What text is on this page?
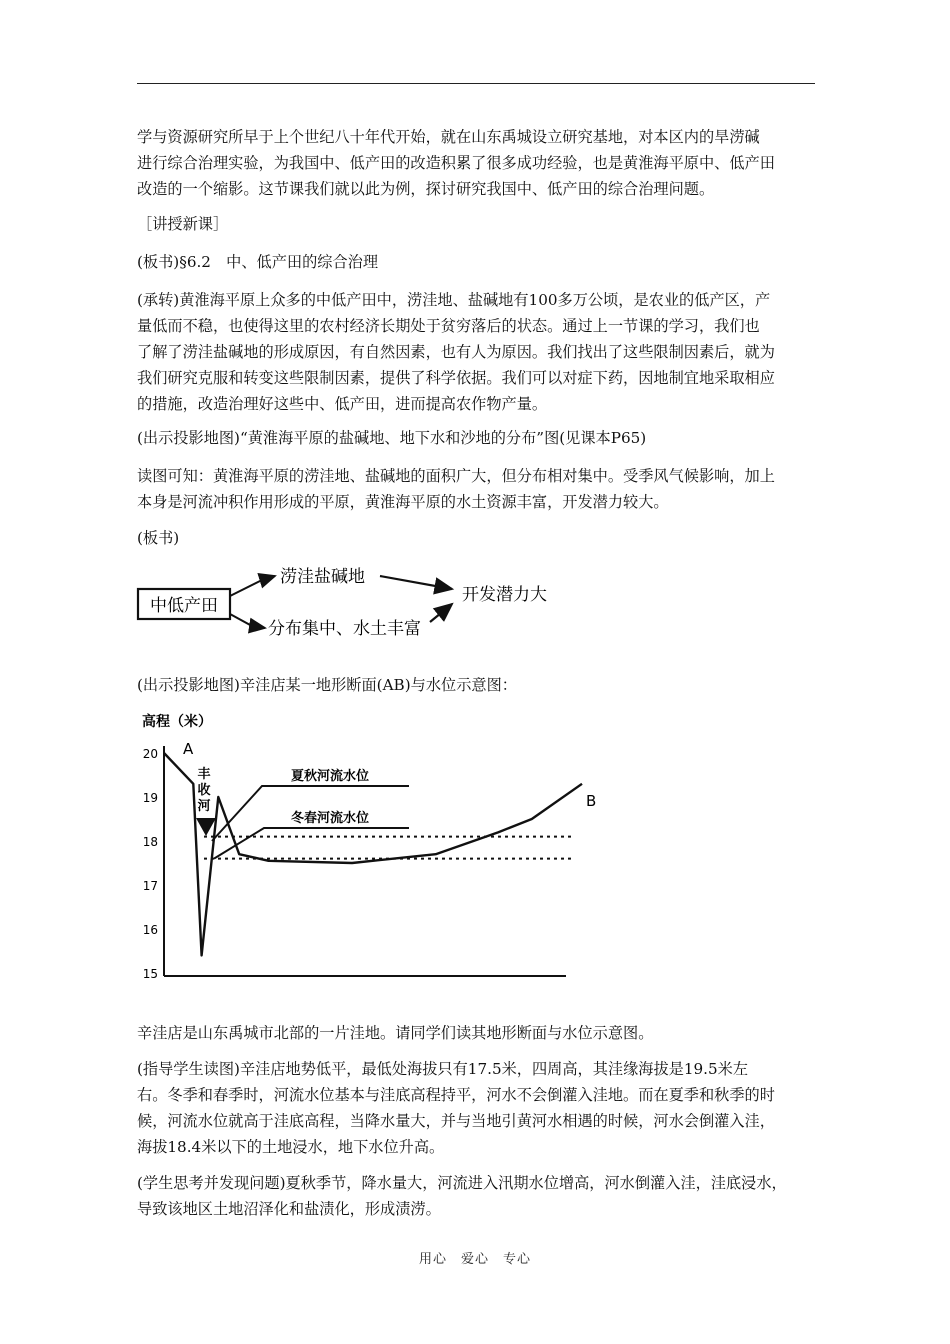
学与资源研究所早于上个世纪八十年代开始，就在山东禹城设立研究基地，对本区内的旱涝碱
进行综合治理实验，为我国中、低产田的改造积累了很多成功经验，也是黄淮海平原中、低产田
改造的一个缩影。这节课我们就以此为例，探讨研究我国中、低产田的综合治理问题。
［讲授新课］
(板书)§6.2　中、低产田的综合治理
(承转)黄淮海平原上众多的中低产田中，涝洼地、盐碱地有100多万公顷，是农业的低产区，产
量低而不稳，也使得这里的农村经济长期处于贫穷落后的状态。通过上一节课的学习，我们也
了解了涝洼盐碱地的形成原因，有自然因素，也有人为原因。我们找出了这些限制因素后，就为
我们研究克服和转变这些限制因素，提供了科学依据。我们可以对症下药，因地制宜地采取相应
的措施，改造治理好这些中、低产田，进而提高农作物产量。
(出示投影地图)“黄淮海平原的盐碱地、地下水和沙地的分布”图(见课本P65)
读图可知：黄淮海平原的涝洼地、盐碱地的面积广大，但分布相对集中。受季风气候影响，加上
本身是河流冲积作用形成的平原，黄淮海平原的水土资源丰富，开发潜力较大。
(板书)
中低产田
涝洼盐碱地
分布集中、水土丰富
开发潜力大
(出示投影地图)辛洼店某一地形断面(AB)与水位示意图：
高程（米）
20
19
18
17
16
15
夏秋河流水位
冬春河流水位
A
B
丰
收
河
辛洼店是山东禹城市北部的一片洼地。请同学们读其地形断面与水位示意图。
(指导学生读图)辛洼店地势低平，最低处海拔只有17.5米，四周高，其洼缘海拔是19.5米左
右。冬季和春季时，河流水位基本与洼底高程持平，河水不会倒灌入洼地。而在夏季和秋季的时
候，河流水位就高于洼底高程，当降水量大，并与当地引黄河水相遇的时候，河水会倒灌入洼，
海拔18.4米以下的土地浸水，地下水位升高。
(学生思考并发现问题)夏秋季节，降水量大，河流进入汛期水位增高，河水倒灌入洼，洼底浸水，
导致该地区土地沼泽化和盐渍化，形成渍涝。
用心　爱心　专心
